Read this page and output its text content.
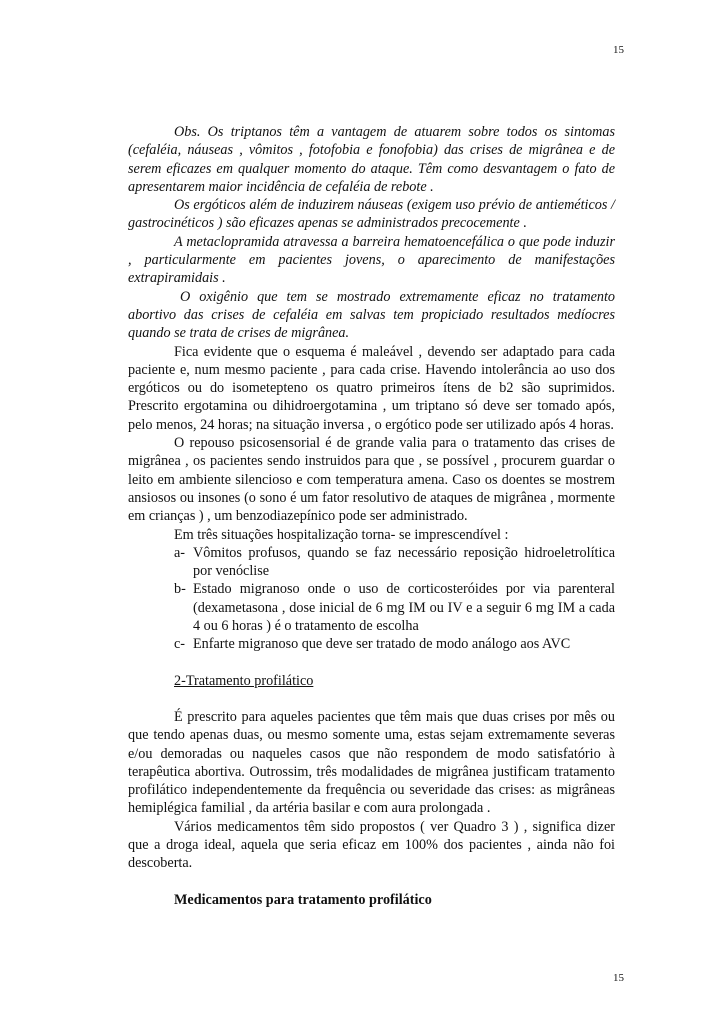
15

Obs. Os triptanos têm a vantagem de atuarem sobre todos os sintomas (cefaléia, náuseas , vômitos , fotofobia e fonofobia) das crises de migrânea e de serem eficazes em qualquer momento do ataque. Têm como desvantagem o fato de apresentarem maior incidência de cefaléia de rebote .

Os ergóticos além de induzirem náuseas (exigem uso prévio de antieméticos / gastrocinéticos ) são eficazes apenas se administrados precocemente .

A metaclopramida atravessa a barreira hematoencefálica o que pode induzir , particularmente em pacientes jovens, o aparecimento de manifestações extrapiramidais .

O oxigênio que tem se mostrado extremamente eficaz no tratamento abortivo das crises de cefaléia em salvas tem propiciado resultados medíocres quando se trata de crises de migrânea.

Fica evidente que o esquema é maleável , devendo ser adaptado para cada paciente e, num mesmo paciente , para cada crise. Havendo intolerância ao uso dos ergóticos ou do isometepteno os quatro primeiros ítens de b2 são suprimidos. Prescrito ergotamina ou dihidroergotamina , um triptano só deve ser tomado após, pelo menos, 24 horas; na situação inversa , o ergótico pode ser utilizado após 4 horas.

O repouso psicosensorial é de grande valia para o tratamento das crises de migrânea , os pacientes sendo instruidos para que , se possível , procurem guardar o leito em ambiente silencioso e com temperatura amena. Caso os doentes se mostrem ansiosos ou insones (o sono é um fator resolutivo de ataques de migrânea , mormente em crianças ) , um benzodiazepínico pode ser administrado.

Em três situações hospitalização torna- se imprescendível :

a- Vômitos profusos, quando se faz necessário reposição hidroeletrolítica por venóclise
b- Estado migranoso onde o uso de corticosteróides por via parenteral (dexametasona , dose inicial de 6 mg IM ou IV e a seguir 6 mg IM a cada 4 ou 6 horas ) é o tratamento de escolha
c- Enfarte migranoso que deve ser tratado de modo análogo aos AVC
2-Tratamento profilático

É prescrito para aqueles pacientes que têm mais que duas crises por mês ou que tendo apenas duas, ou mesmo somente uma, estas sejam extremamente severas e/ou demoradas ou naqueles casos que não respondem de modo satisfatório à terapêutica abortiva. Outrossim, três modalidades de migrânea justificam tratamento profilático independentemente da frequência ou severidade das crises: as migrâneas hemiplégica familial , da artéria basilar e com aura prolongada .

Vários medicamentos têm sido propostos ( ver Quadro 3 ) , significa dizer que a droga ideal, aquela que seria eficaz em 100% dos pacientes , ainda não foi descoberta.

Medicamentos para tratamento profilático
15
